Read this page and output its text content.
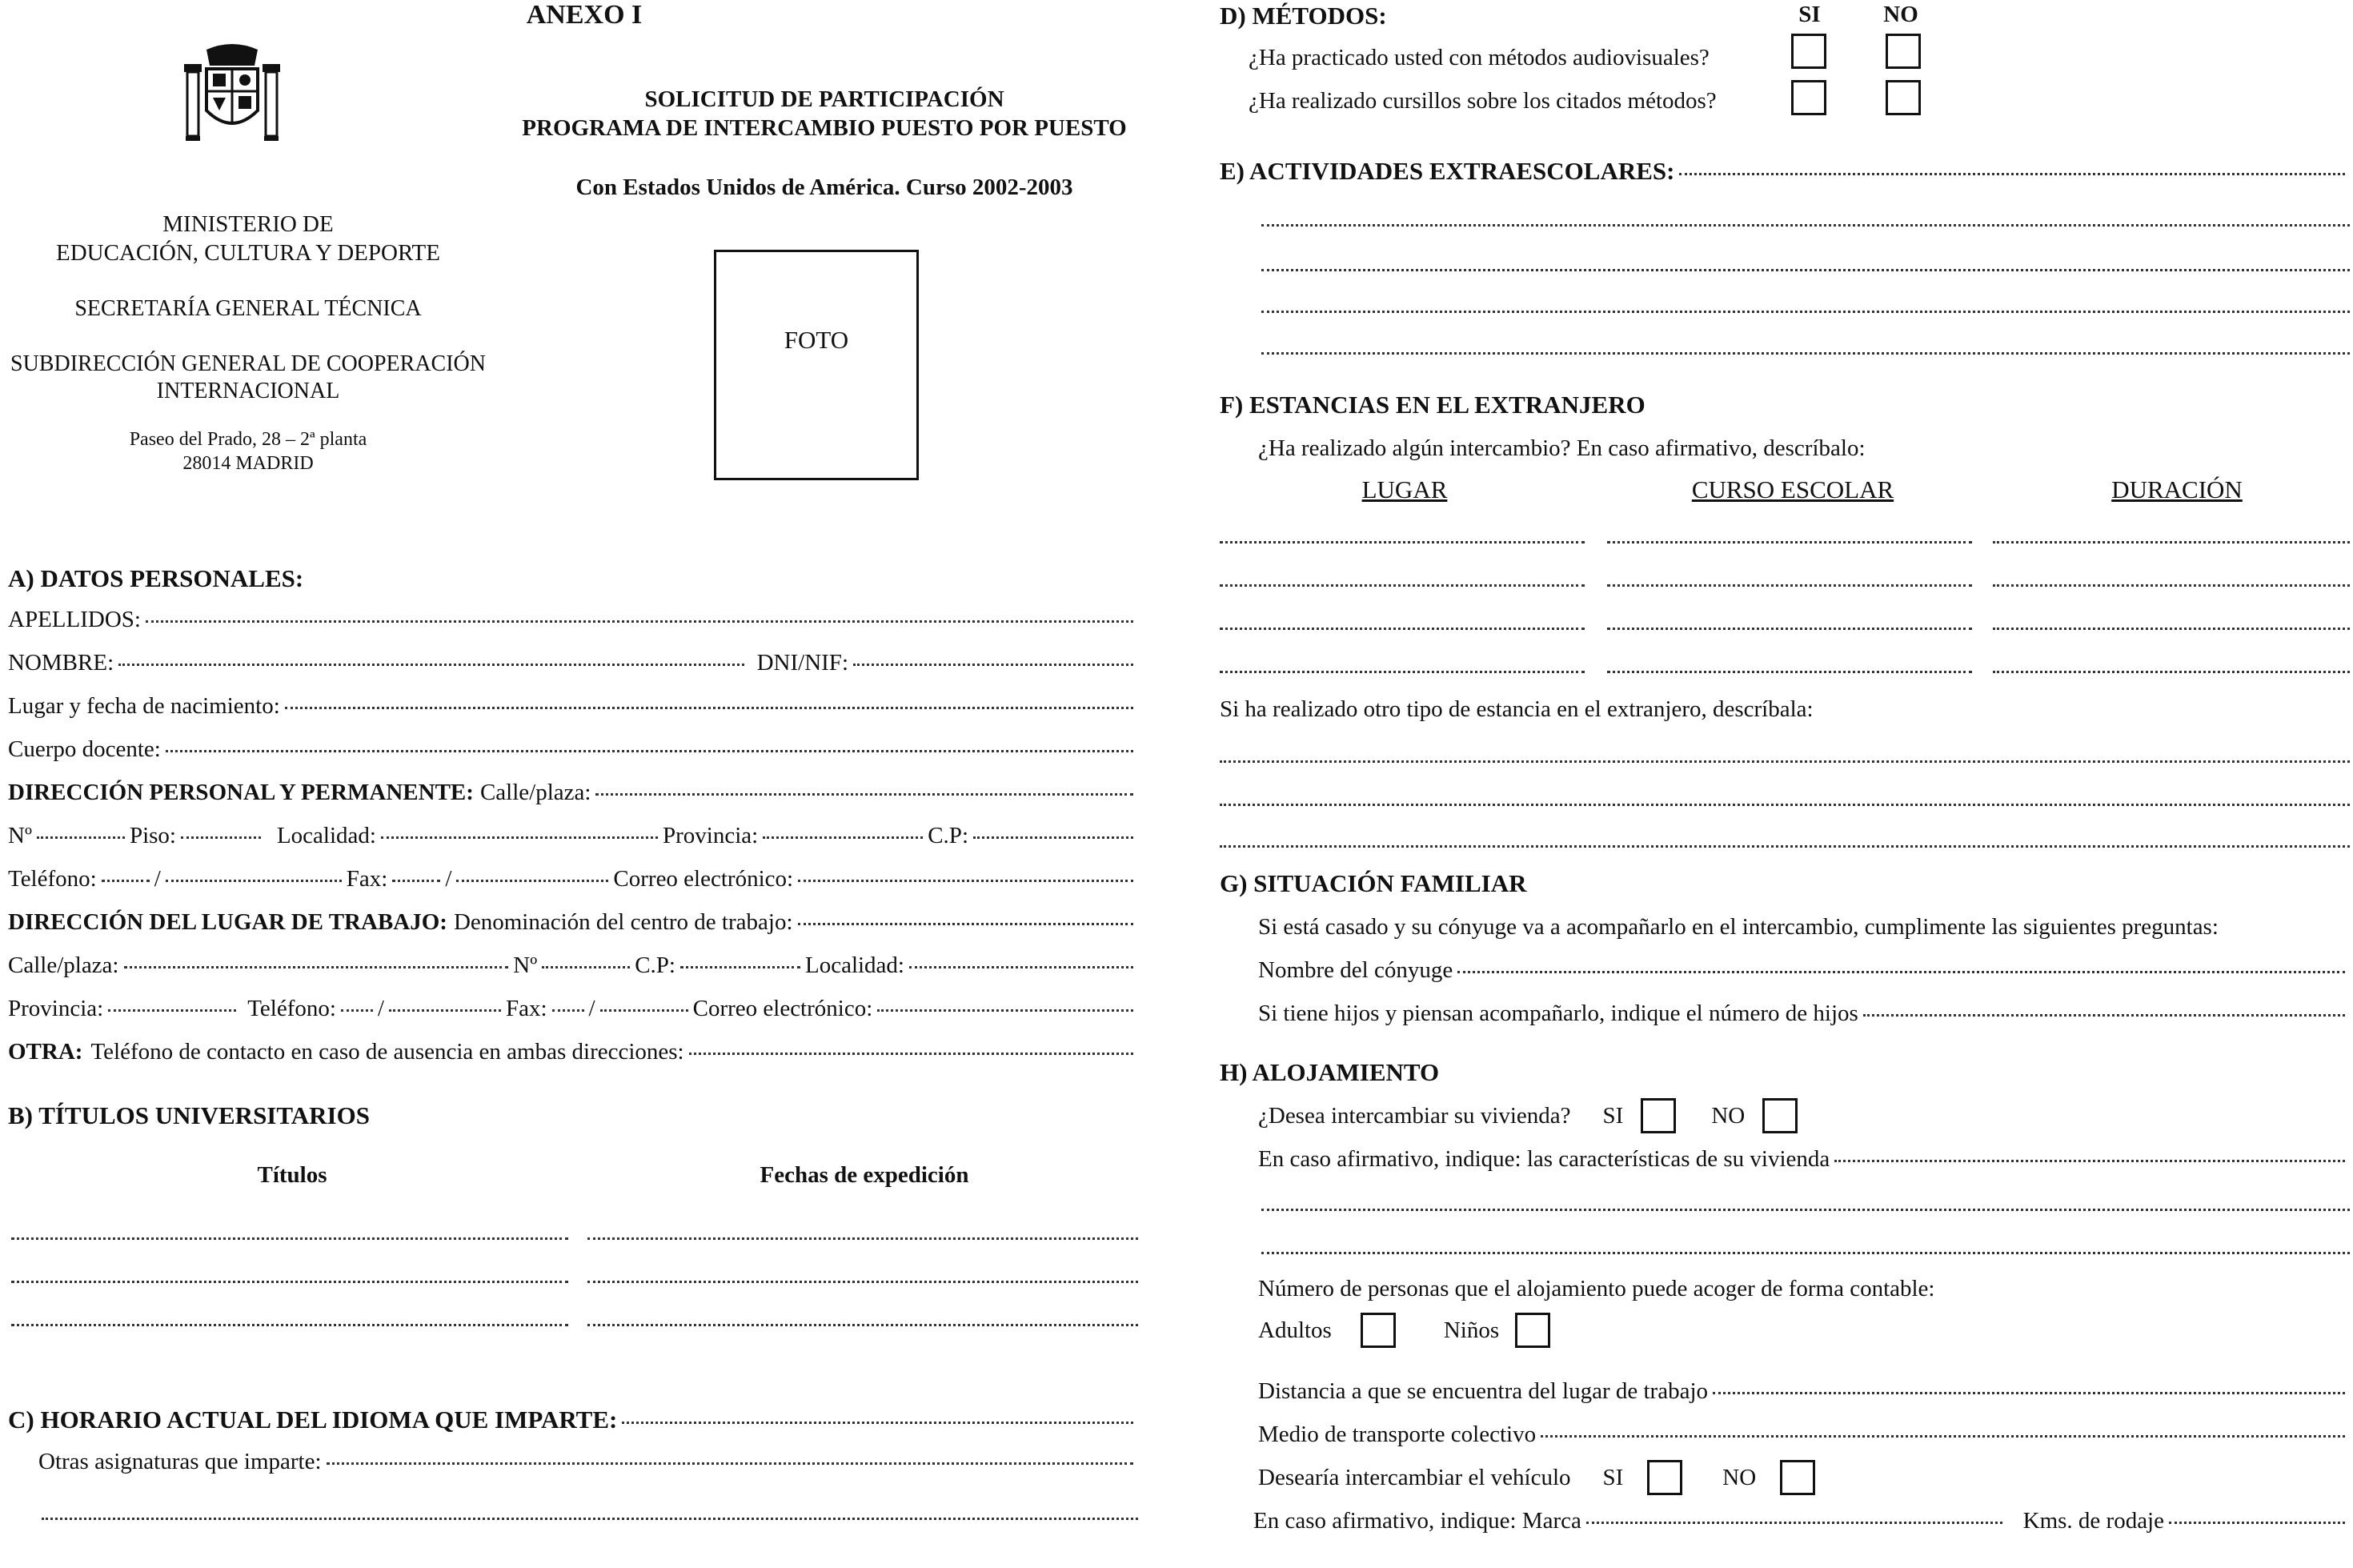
MINISTERIO DE
EDUCACIÓN, CULTURA Y DEPORTE
SECRETARÍA GENERAL TÉCNICA
SUBDIRECCIÓN GENERAL DE COOPERACIÓN
INTERNACIONAL
Paseo del Prado, 28 – 2ª planta
28014 MADRID
ANEXO I
SOLICITUD DE PARTICIPACIÓN
PROGRAMA DE INTERCAMBIO PUESTO POR PUESTO
Con Estados Unidos de América. Curso 2002-2003
FOTO
A) DATOS PERSONALES:
APELLIDOS:
NOMBRE:	DNI/NIF:
Lugar y fecha de nacimiento:
Cuerpo docente:
DIRECCIÓN PERSONAL Y PERMANENTE: Calle/plaza:
Nº	Piso:	Localidad:	Provincia:	C.P:
Teléfono: /	Fax: /	Correo electrónico:
DIRECCIÓN DEL LUGAR DE TRABAJO: Denominación del centro de trabajo:
Calle/plaza:	Nº	C.P:	Localidad:
Provincia:	Teléfono: /	Fax: /	Correo electrónico:
OTRA: Teléfono de contacto en caso de ausencia en ambas direcciones:
B) TÍTULOS UNIVERSITARIOS
Títulos	Fechas de expedición
C) HORARIO ACTUAL DEL IDIOMA QUE IMPARTE:
Otras asignaturas que imparte:
D) MÉTODOS:	SI	NO
¿Ha practicado usted con métodos audiovisuales?
¿Ha realizado cursillos sobre los citados métodos?
E) ACTIVIDADES EXTRAESCOLARES:
F) ESTANCIAS EN EL EXTRANJERO
¿Ha realizado algún intercambio? En caso afirmativo, descríbalo:
LUGAR	CURSO ESCOLAR	DURACIÓN
Si ha realizado otro tipo de estancia en el extranjero, descríbala:
G) SITUACIÓN FAMILIAR
Si está casado y su cónyuge va a acompañarlo en el intercambio, cumplimente las siguientes preguntas:
Nombre del cónyuge
Si tiene hijos y piensan acompañarlo, indique el número de hijos
H) ALOJAMIENTO
¿Desea intercambiar su vivienda? SI	NO
En caso afirmativo, indique: las características de su vivienda
Número de personas que el alojamiento puede acoger de forma contable:
Adultos	Niños
Distancia a que se encuentra del lugar de trabajo
Medio de transporte colectivo
Desearía intercambiar el vehículo SI	NO
En caso afirmativo, indique: Marca	Kms. de rodaje
